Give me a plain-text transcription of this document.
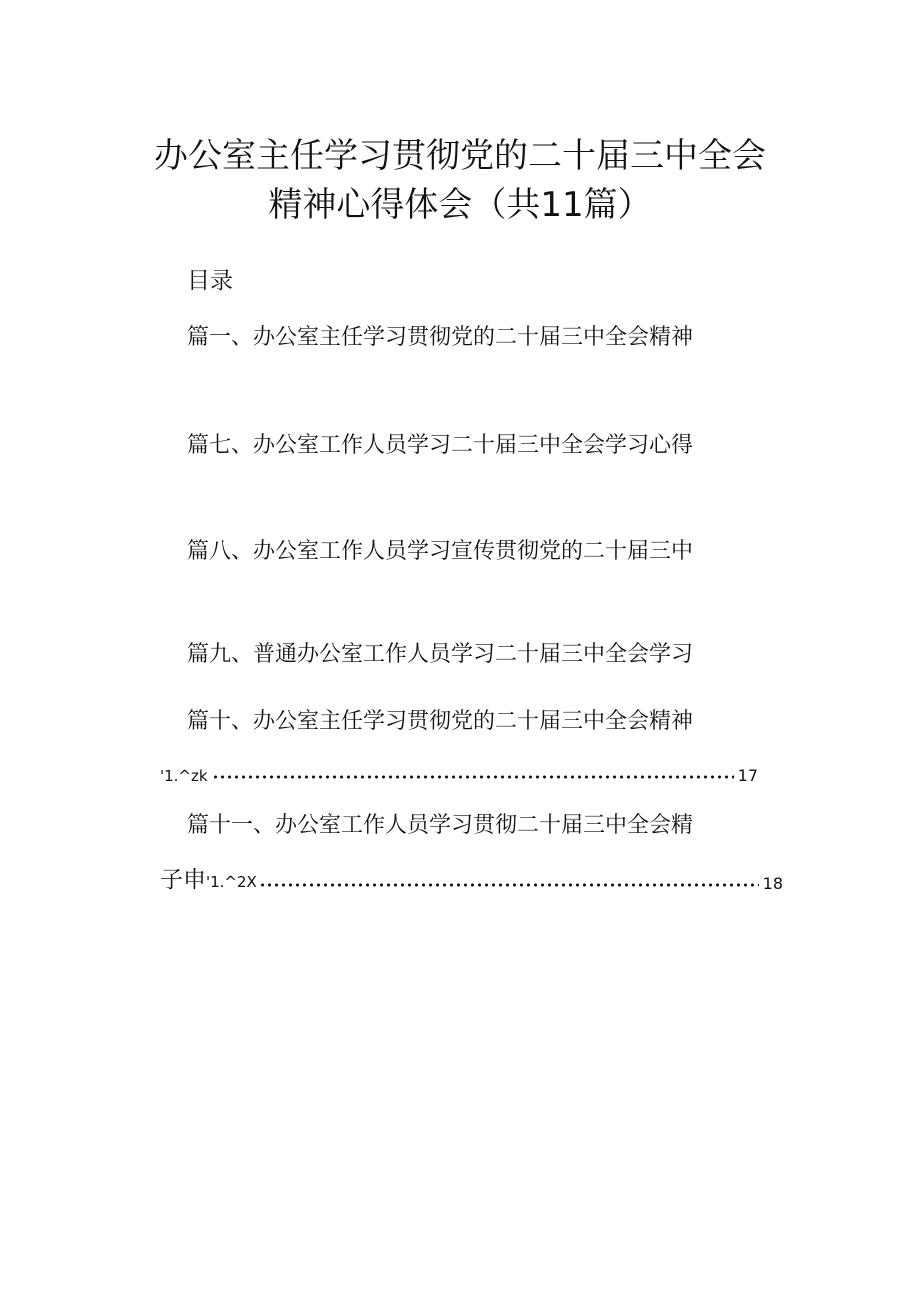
办公室主任学习贯彻党的二十届三中全会
精神心得体会（共11篇）
目录
篇一、办公室主任学习贯彻党的二十届三中全会精神
篇七、办公室工作人员学习二十届三中全会学习心得
篇八、办公室工作人员学习宣传贯彻党的二十届三中
篇九、普通办公室工作人员学习二十届三中全会学习
篇十、办公室主任学习贯彻党的二十届三中全会精神
'1.^zk	17
篇十一、办公室工作人员学习贯彻二十届三中全会精
子申 '1.^2X	18
